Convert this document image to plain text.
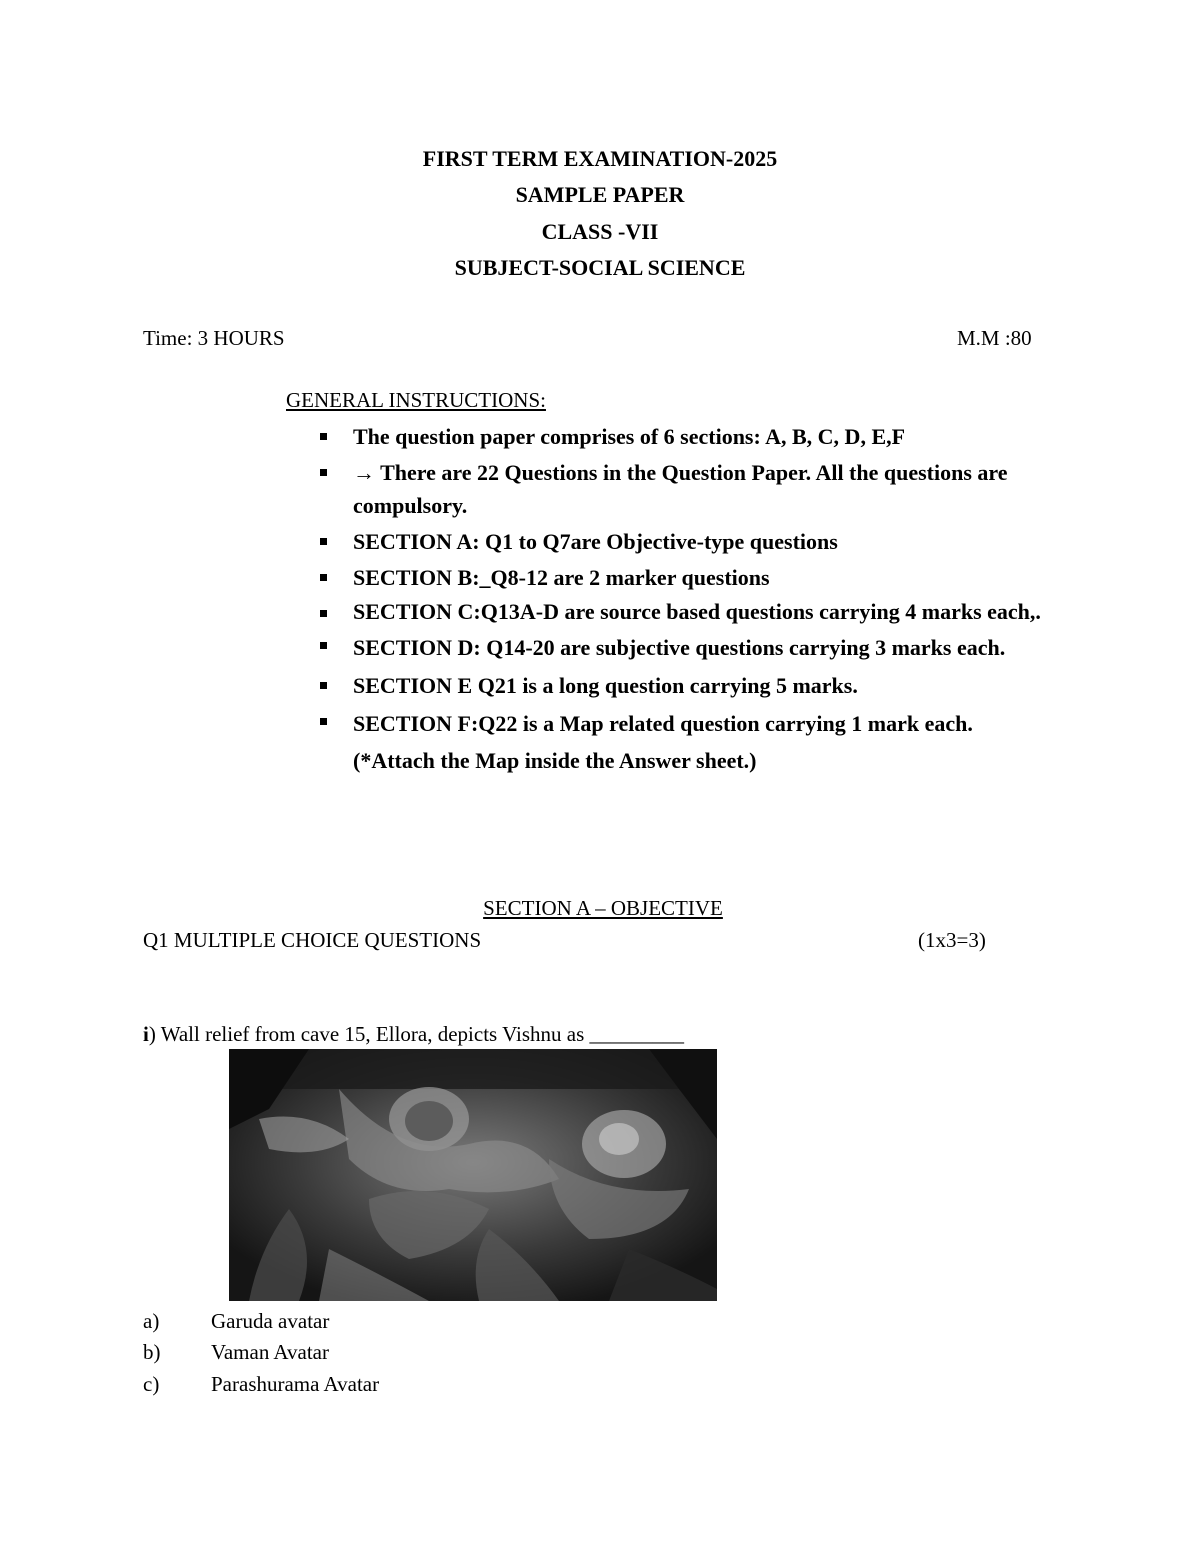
FIRST TERM EXAMINATION-2025
SAMPLE PAPER
CLASS -VII
SUBJECT-SOCIAL SCIENCE
Time: 3 HOURS	M.M :80
GENERAL INSTRUCTIONS:
The question paper comprises of 6 sections: A, B, C, D, E,F
→ There are 22 Questions in the Question Paper. All the questions are compulsory.
SECTION A: Q1 to Q7are Objective-type questions
SECTION B:_Q8-12 are 2 marker questions
SECTION C:Q13A-D are source based questions carrying 4 marks each,.
SECTION D: Q14-20 are subjective questions carrying 3 marks each.
SECTION E Q21 is a long question carrying 5 marks.
SECTION F:Q22 is a Map related question carrying 1 mark each. (*Attach the Map inside the Answer sheet.)
SECTION A – OBJECTIVE
Q1 MULTIPLE CHOICE QUESTIONS	(1x3=3)
i) Wall relief from cave 15, Ellora, depicts Vishnu as _________
a) Garuda avatar
b) Vaman Avatar
c) Parashurama Avatar
